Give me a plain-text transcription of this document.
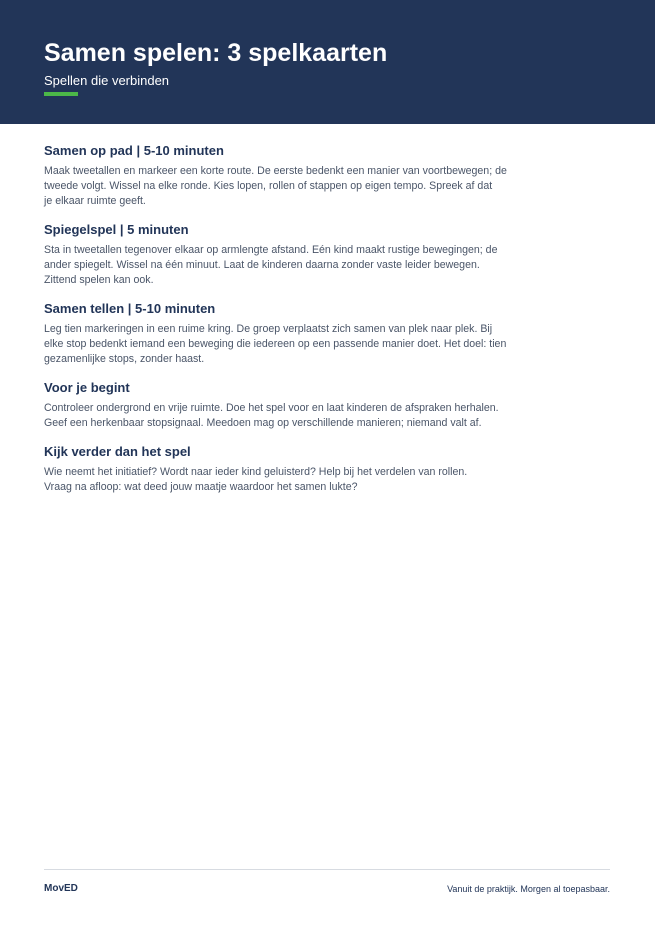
Samen spelen: 3 spelkaarten
Spellen die verbinden
Samen op pad | 5-10 minuten

Maak tweetallen en markeer een korte route. De eerste bedenkt een manier van voortbewegen; de
tweede volgt. Wissel na elke ronde. Kies lopen, rollen of stappen op eigen tempo. Spreek af dat
je elkaar ruimte geeft.

Spiegelspel | 5 minuten

Sta in tweetallen tegenover elkaar op armlengte afstand. Eén kind maakt rustige bewegingen; de
ander spiegelt. Wissel na één minuut. Laat de kinderen daarna zonder vaste leider bewegen.
Zittend spelen kan ook.

Samen tellen | 5-10 minuten

Leg tien markeringen in een ruime kring. De groep verplaatst zich samen van plek naar plek. Bij
elke stop bedenkt iemand een beweging die iedereen op een passende manier doet. Het doel: tien
gezamenlijke stops, zonder haast.

Voor je begint

Controleer ondergrond en vrije ruimte. Doe het spel voor en laat kinderen de afspraken herhalen.
Geef een herkenbaar stopsignaal. Meedoen mag op verschillende manieren; niemand valt af.

Kijk verder dan het spel

Wie neemt het initiatief? Wordt naar ieder kind geluisterd? Help bij het verdelen van rollen.
Vraag na afloop: wat deed jouw maatje waardoor het samen lukte?

MovED	Vanuit de praktijk. Morgen al toepasbaar.
